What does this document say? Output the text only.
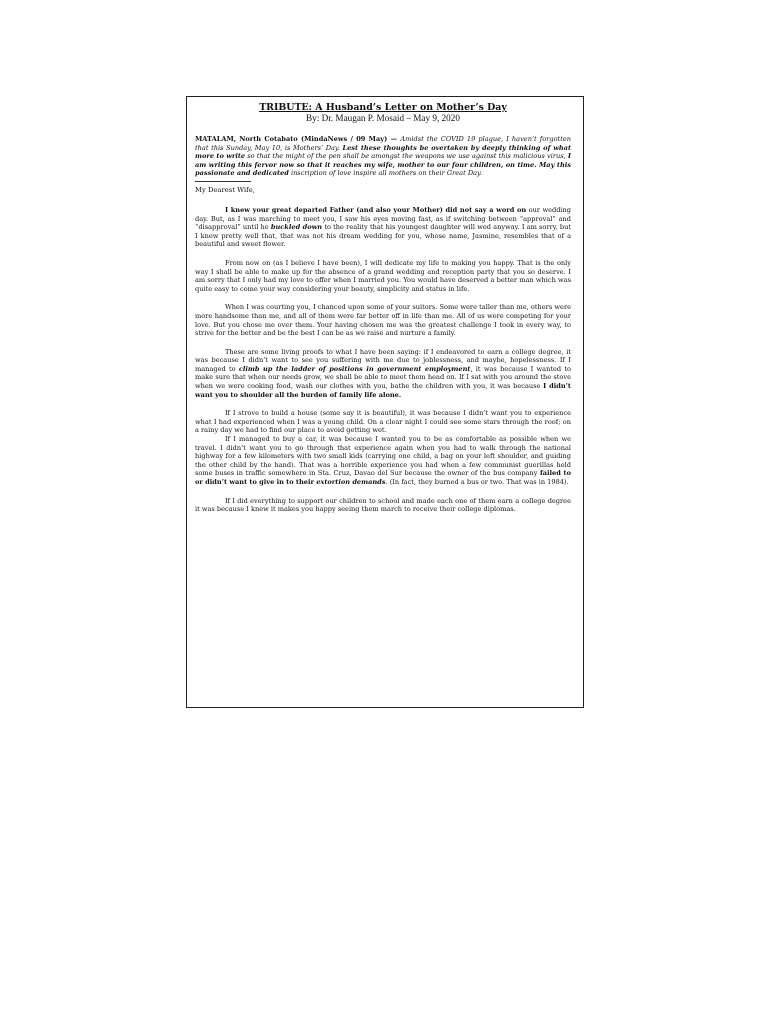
TRIBUTE: A Husband’s Letter on Mother’s Day
By: Dr. Maugan P. Mosaid – May 9, 2020
MATALAM, North Cotabato (MindaNews / 09 May) — Amidst the COVID 19 plague, I haven’t forgotten that this Sunday, May 10, is Mothers’ Day. Lest these thoughts be overtaken by deeply thinking of what more to write so that the might of the pen shall be amongst the weapons we use against this malicious virus, I am writing this fervor now so that it reaches my wife, mother to our four children, on time. May this passionate and dedicated inscription of love inspire all mothers on their Great Day.
My Dearest Wife,

I knew your great departed Father (and also your Mother) did not say a word on our wedding day. But, as I was marching to meet you, I saw his eyes moving fast, as if switching between “approval” and “disapproval” until he buckled down to the reality that his youngest daughter will wed anyway. I am sorry, but I knew pretty well that, that was not his dream wedding for you, whose name, Jasmine, resembles that of a beautiful and sweet flower.

From now on (as I believe I have been), I will dedicate my life to making you happy. That is the only way I shall be able to make up for the absence of a grand wedding and reception party that you so deserve. I am sorry that I only had my love to offer when I married you. You would have deserved a better man which was quite easy to come your way considering your beauty, simplicity and status in life.

When I was courting you, I chanced upon some of your suitors. Some were taller than me, others were more handsome than me, and all of them were far better off in life than me. All of us were competing for your love. But you chose me over them. Your having chosen me was the greatest challenge I took in every way, to strive for the better and be the best I can be as we raise and nurture a family.

These are some living proofs to what I have been saying: if I endeavored to earn a college degree, it was because I didn’t want to see you suffering with me due to joblessness, and maybe, hopelessness. If I managed to climb up the ladder of positions in government employment, it was because I wanted to make sure that when our needs grow, we shall be able to meet them head on. If I sat with you around the stove when we were cooking food, wash our clothes with you, bathe the children with you, it was because I didn’t want you to shoulder all the burden of family life alone.

If I strove to build a house (some say it is beautiful), it was because I didn’t want you to experience what I had experienced when I was a young child. On a clear night I could see some stars through the roof; on a rainy day we had to find our place to avoid getting wet.

If I managed to buy a car, it was because I wanted you to be as comfortable as possible when we travel. I didn’t want you to go through that experience again when you had to walk through the national highway for a few kilometers with two small kids (carrying one child, a bag on your left shoulder, and guiding the other child by the hand). That was a horrible experience you had when a few communist guerillas held some buses in traffic somewhere in Sta. Cruz, Davao del Sur because the owner of the bus company failed to or didn’t want to give in to their extortion demands. (In fact, they burned a bus or two. That was in 1984).

If I did everything to support our children to school and made each one of them earn a college degree it was because I knew it makes you happy seeing them march to receive their college diplomas.
